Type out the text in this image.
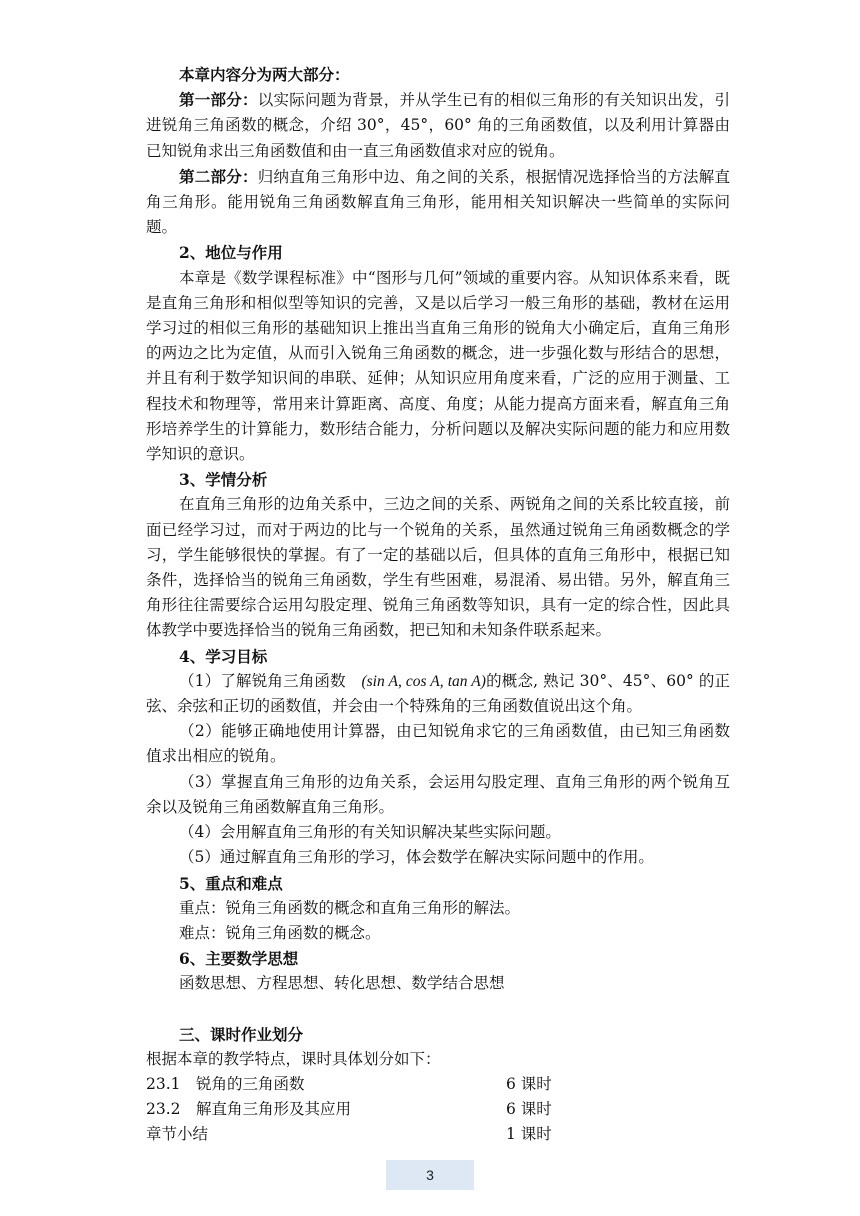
本章内容分为两大部分：

第一部分：以实际问题为背景，并从学生已有的相似三角形的有关知识出发，引进锐角三角函数的概念，介绍 30°，45°，60° 角的三角函数值，以及利用计算器由已知锐角求出三角函数值和由一直三角函数值求对应的锐角。

第二部分：归纳直角三角形中边、角之间的关系，根据情况选择恰当的方法解直角三角形。能用锐角三角函数解直角三角形，能用相关知识解决一些简单的实际问题。

2、地位与作用

本章是《数学课程标准》中“图形与几何”领域的重要内容。从知识体系来看，既是直角三角形和相似型等知识的完善，又是以后学习一般三角形的基础，教材在运用学习过的相似三角形的基础知识上推出当直角三角形的锐角大小确定后，直角三角形的两边之比为定值，从而引入锐角三角函数的概念，进一步强化数与形结合的思想，并且有利于数学知识间的串联、延伸；从知识应用角度来看，广泛的应用于测量、工程技术和物理等，常用来计算距离、高度、角度；从能力提高方面来看，解直角三角形培养学生的计算能力，数形结合能力，分析问题以及解决实际问题的能力和应用数学知识的意识。

3、学情分析

在直角三角形的边角关系中，三边之间的关系、两锐角之间的关系比较直接，前面已经学习过，而对于两边的比与一个锐角的关系，虽然通过锐角三角函数概念的学习，学生能够很快的掌握。有了一定的基础以后，但具体的直角三角形中，根据已知条件，选择恰当的锐角三角函数，学生有些困难，易混淆、易出错。另外，解直角三角形往往需要综合运用勾股定理、锐角三角函数等知识，具有一定的综合性，因此具体教学中要选择恰当的锐角三角函数，把已知和未知条件联系起来。

4、学习目标

（1）了解锐角三角函数　(sin A, cos A, tan A)的概念, 熟记 30°、45°、60° 的正弦、余弦和正切的函数值，并会由一个特殊角的三角函数值说出这个角。

（2）能够正确地使用计算器，由已知锐角求它的三角函数值，由已知三角函数值求出相应的锐角。

（3）掌握直角三角形的边角关系，会运用勾股定理、直角三角形的两个锐角互余以及锐角三角函数解直角三角形。

（4）会用解直角三角形的有关知识解决某些实际问题。

（5）通过解直角三角形的学习，体会数学在解决实际问题中的作用。

5、重点和难点

重点：锐角三角函数的概念和直角三角形的解法。

难点：锐角三角函数的概念。

6、主要数学思想

函数思想、方程思想、转化思想、数学结合思想

三、课时作业划分

根据本章的教学特点，课时具体划分如下：

23.1　锐角的三角函数	6 课时
23.2　解直角三角形及其应用	6 课时
章节小结	1 课时
3
